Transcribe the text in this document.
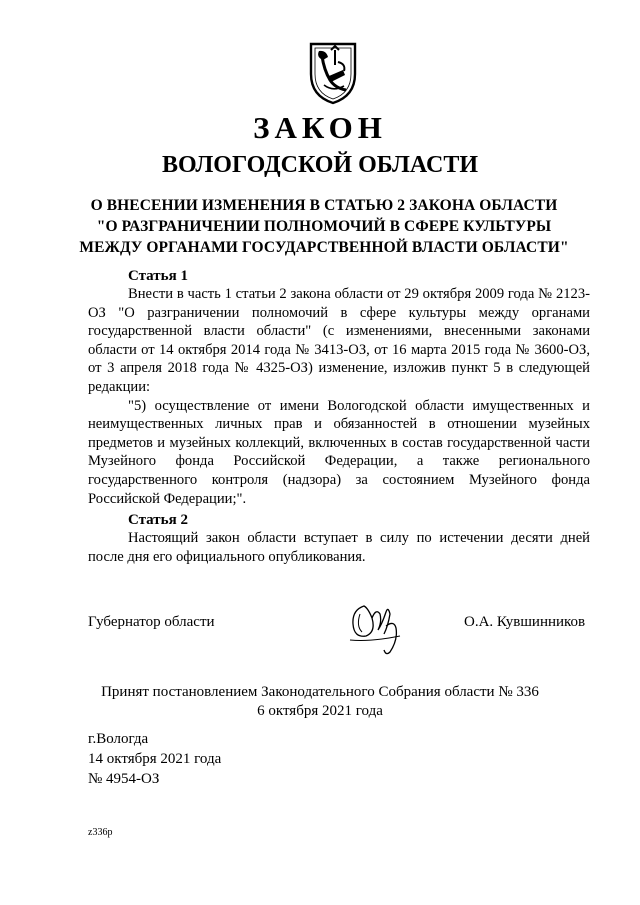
ЗАКОН
ВОЛОГОДСКОЙ ОБЛАСТИ
О ВНЕСЕНИИ ИЗМЕНЕНИЯ В СТАТЬЮ 2 ЗАКОНА ОБЛАСТИ
"О РАЗГРАНИЧЕНИИ ПОЛНОМОЧИЙ В СФЕРЕ КУЛЬТУРЫ
МЕЖДУ ОРГАНАМИ ГОСУДАРСТВЕННОЙ ВЛАСТИ ОБЛАСТИ"
Статья 1

Внести в часть 1 статьи 2 закона области от 29 октября 2009 года № 2123-ОЗ "О разграничении полномочий в сфере культуры между органами государственной власти области" (с изменениями, внесенными законами области от 14 октября 2014 года № 3413-ОЗ, от 16 марта 2015 года № 3600-ОЗ, от 3 апреля 2018 года № 4325-ОЗ) изменение, изложив пункт 5 в следующей редакции:

"5) осуществление от имени Вологодской области имущественных и неимущественных личных прав и обязанностей в отношении музейных предметов и музейных коллекций, включенных в состав государственной части Музейного фонда Российской Федерации, а также регионального государственного контроля (надзора) за состоянием Музейного фонда Российской Федерации;".

Статья 2

Настоящий закон области вступает в силу по истечении десяти дней после дня его официального опубликования.

Губернатор области	О.А. Кувшинников
Принят постановлением Законодательного Собрания области № 336
6 октября 2021 года
г.Вологда
14 октября 2021 года
№ 4954-ОЗ
z336р
